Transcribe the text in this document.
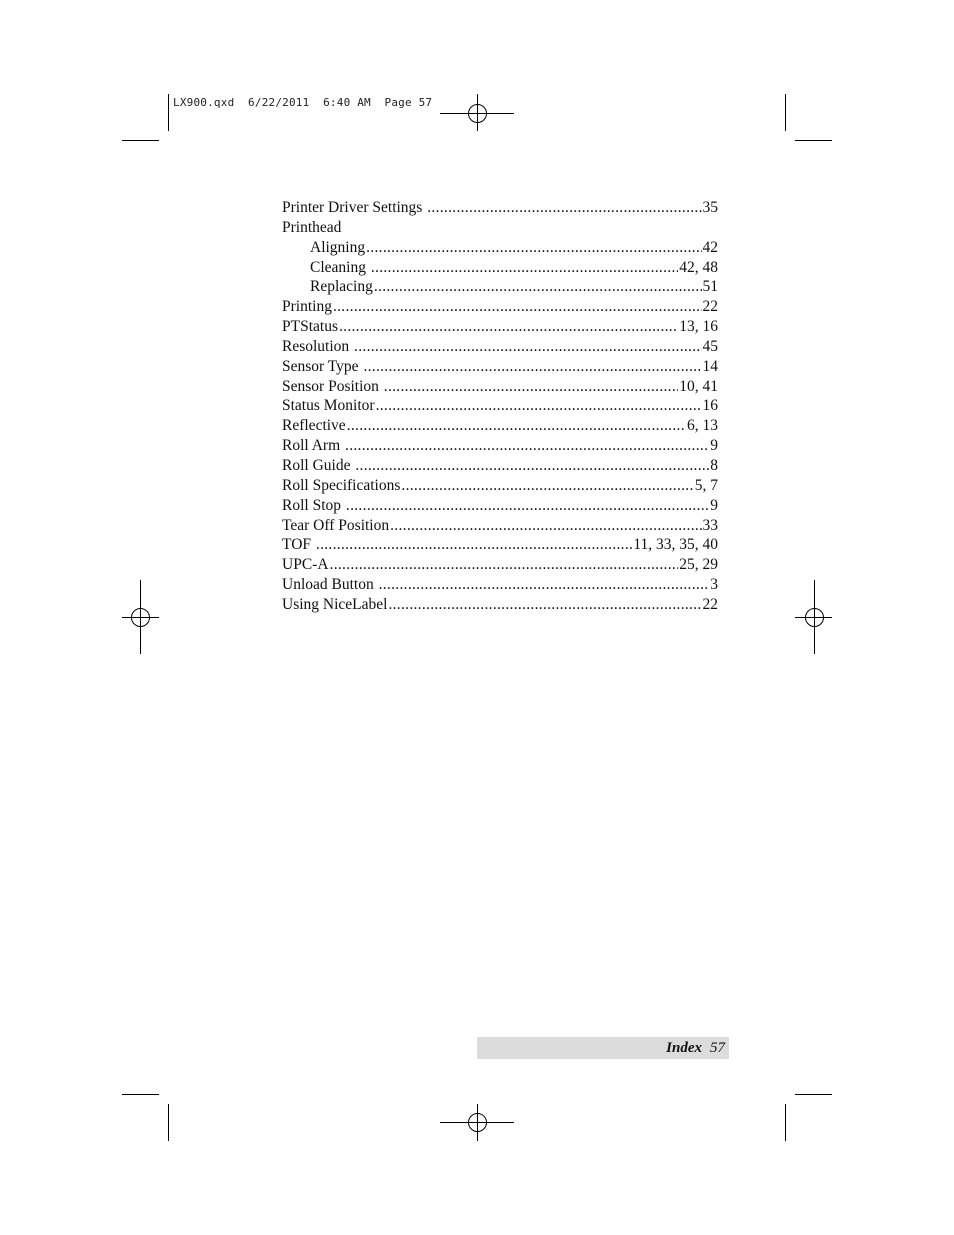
LX900.qxd  6/22/2011  6:40 AM  Page 57
Printer Driver Settings .....	35
Printhead
Aligning .....	42
Cleaning .....	42, 48
Replacing .....	51
Printing .....	22
PTStatus .....	13, 16
Resolution .....	45
Sensor Type .....	14
Sensor Position .....	10, 41
Status Monitor .....	16
Reflective .....	6, 13
Roll Arm .....	9
Roll Guide .....	8
Roll Specifications .....	5, 7
Roll Stop .....	9
Tear Off Position .....	33
TOF .....	11, 33, 35, 40
UPC-A .....	25, 29
Unload Button .....	3
Using NiceLabel .....	22
Index 57
